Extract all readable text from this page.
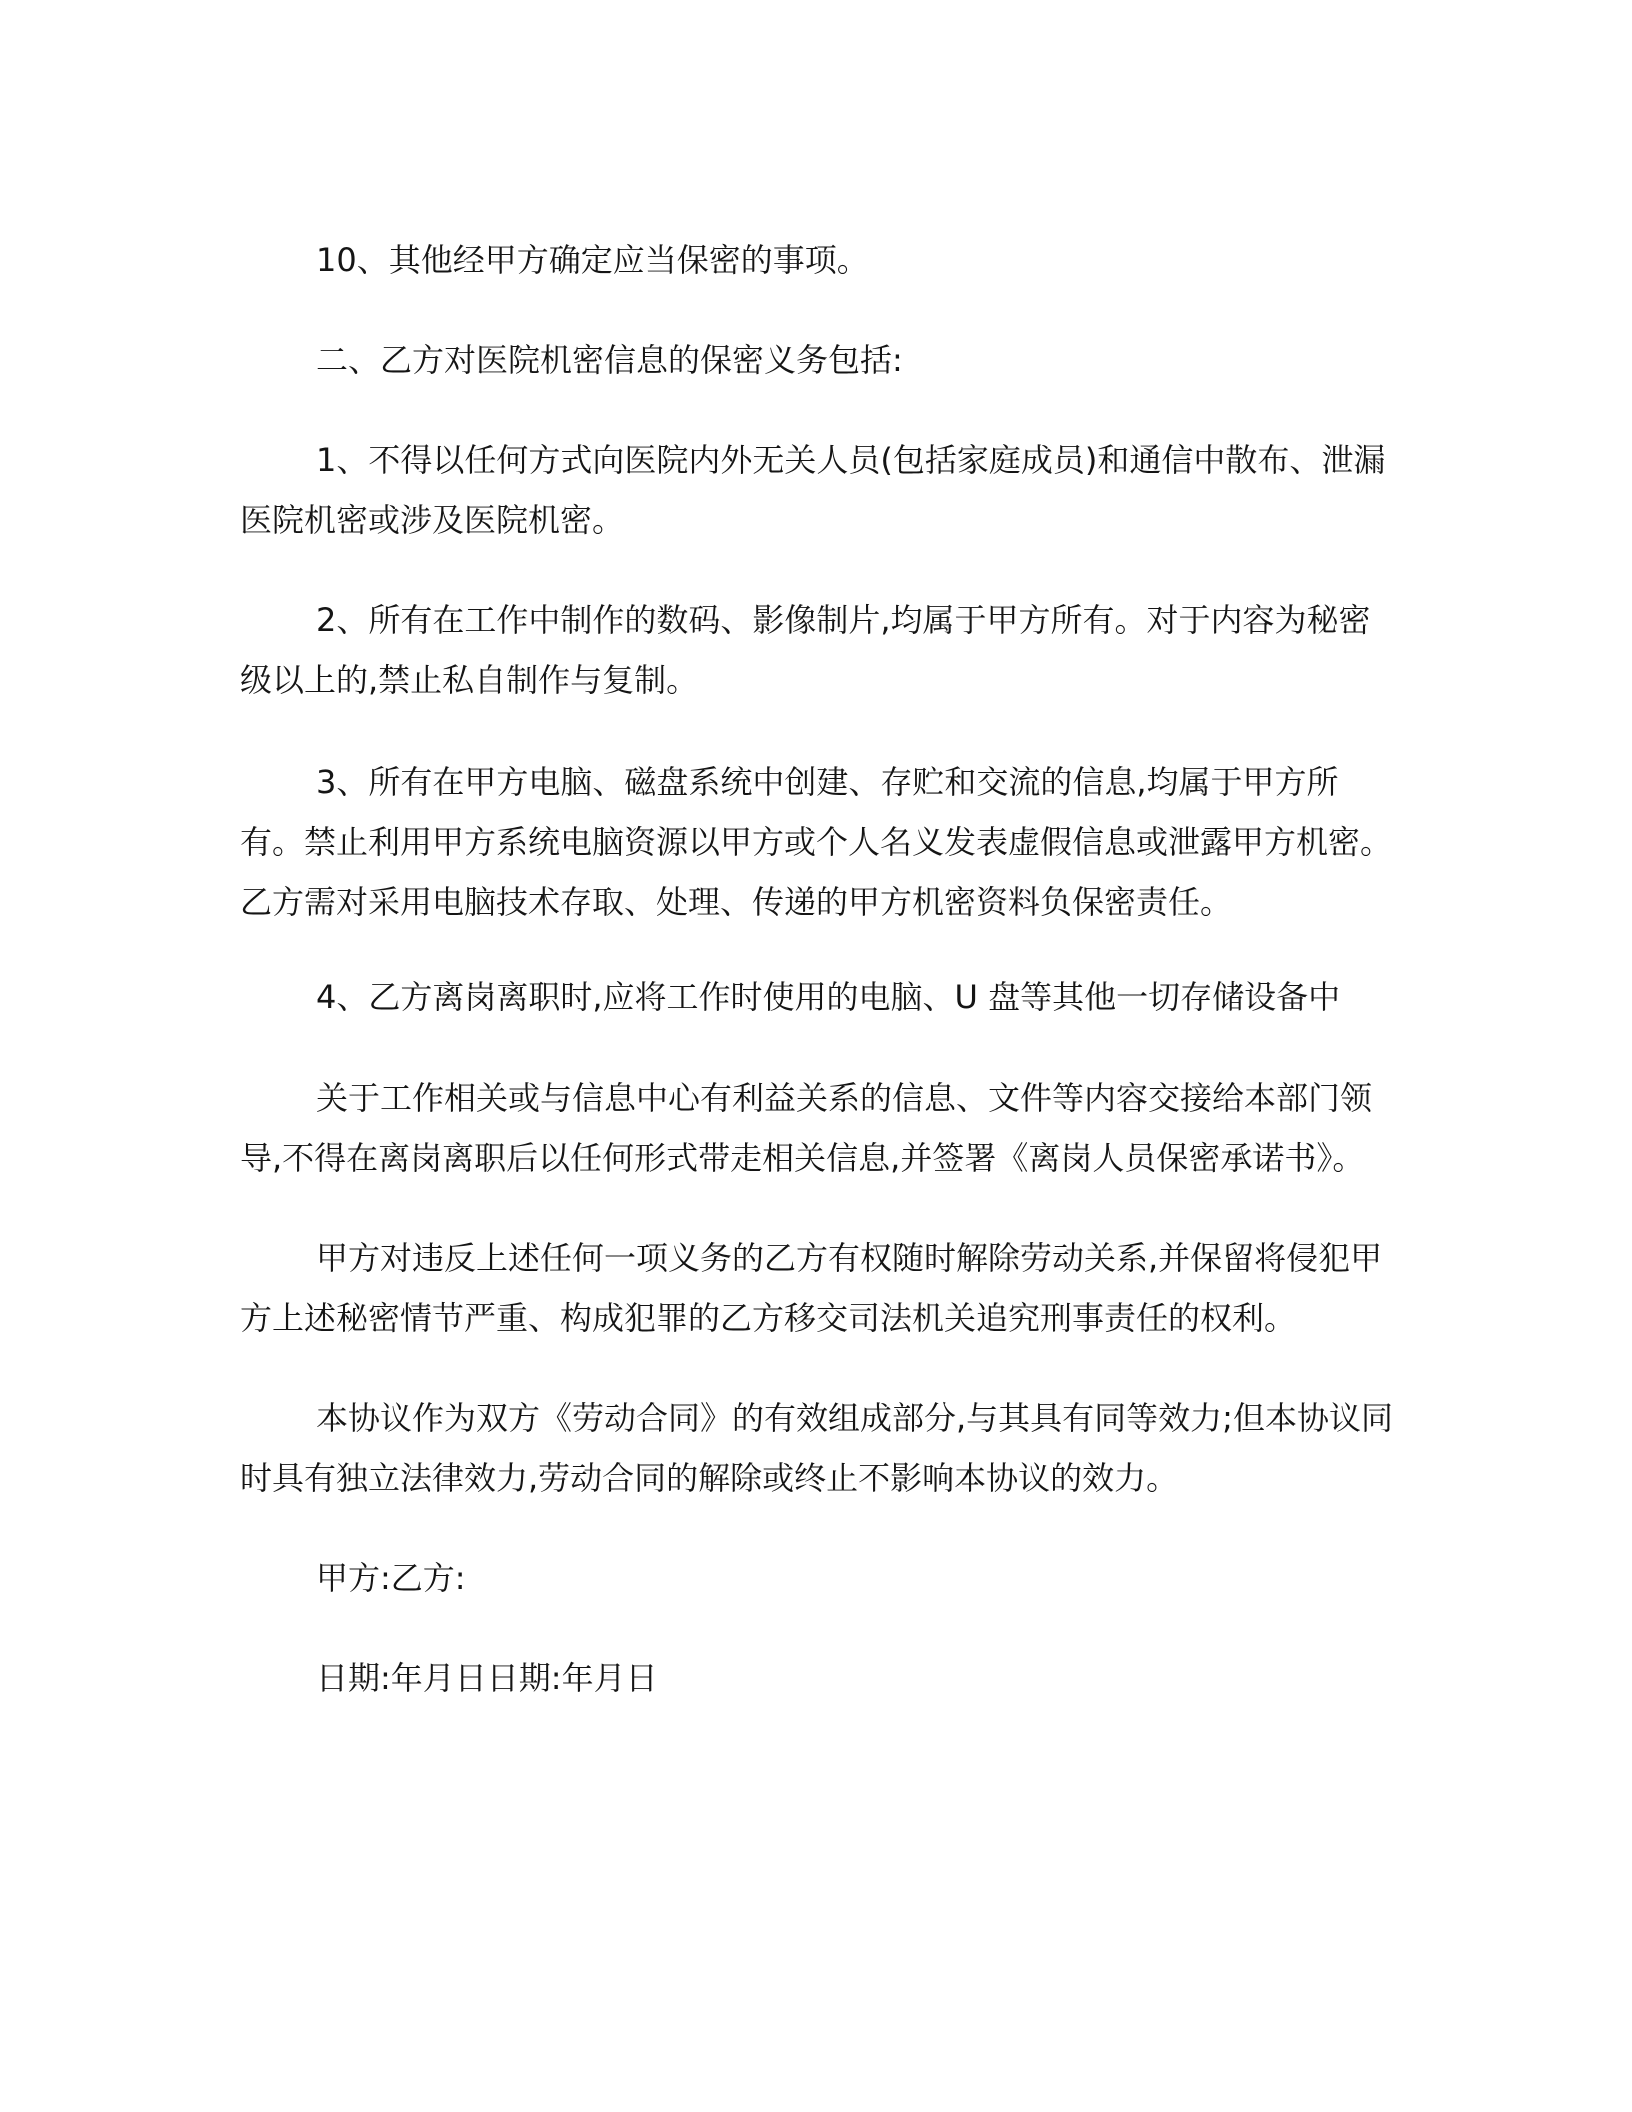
10、其他经甲方确定应当保密的事项。

二、乙方对医院机密信息的保密义务包括:

1、不得以任何方式向医院内外无关人员(包括家庭成员)和通信中散布、泄漏
医院机密或涉及医院机密。

2、所有在工作中制作的数码、影像制片,均属于甲方所有。对于内容为秘密
级以上的,禁止私自制作与复制。

3、所有在甲方电脑、磁盘系统中创建、存贮和交流的信息,均属于甲方所
有。禁止利用甲方系统电脑资源以甲方或个人名义发表虚假信息或泄露甲方机密。
乙方需对采用电脑技术存取、处理、传递的甲方机密资料负保密责任。

4、乙方离岗离职时,应将工作时使用的电脑、U 盘等其他一切存储设备中

关于工作相关或与信息中心有利益关系的信息、文件等内容交接给本部门领
导,不得在离岗离职后以任何形式带走相关信息,并签署《离岗人员保密承诺书》。

甲方对违反上述任何一项义务的乙方有权随时解除劳动关系,并保留将侵犯甲
方上述秘密情节严重、构成犯罪的乙方移交司法机关追究刑事责任的权利。

本协议作为双方《劳动合同》的有效组成部分,与其具有同等效力;但本协议同
时具有独立法律效力,劳动合同的解除或终止不影响本协议的效力。

甲方:乙方:

日期:年月日日期:年月日
